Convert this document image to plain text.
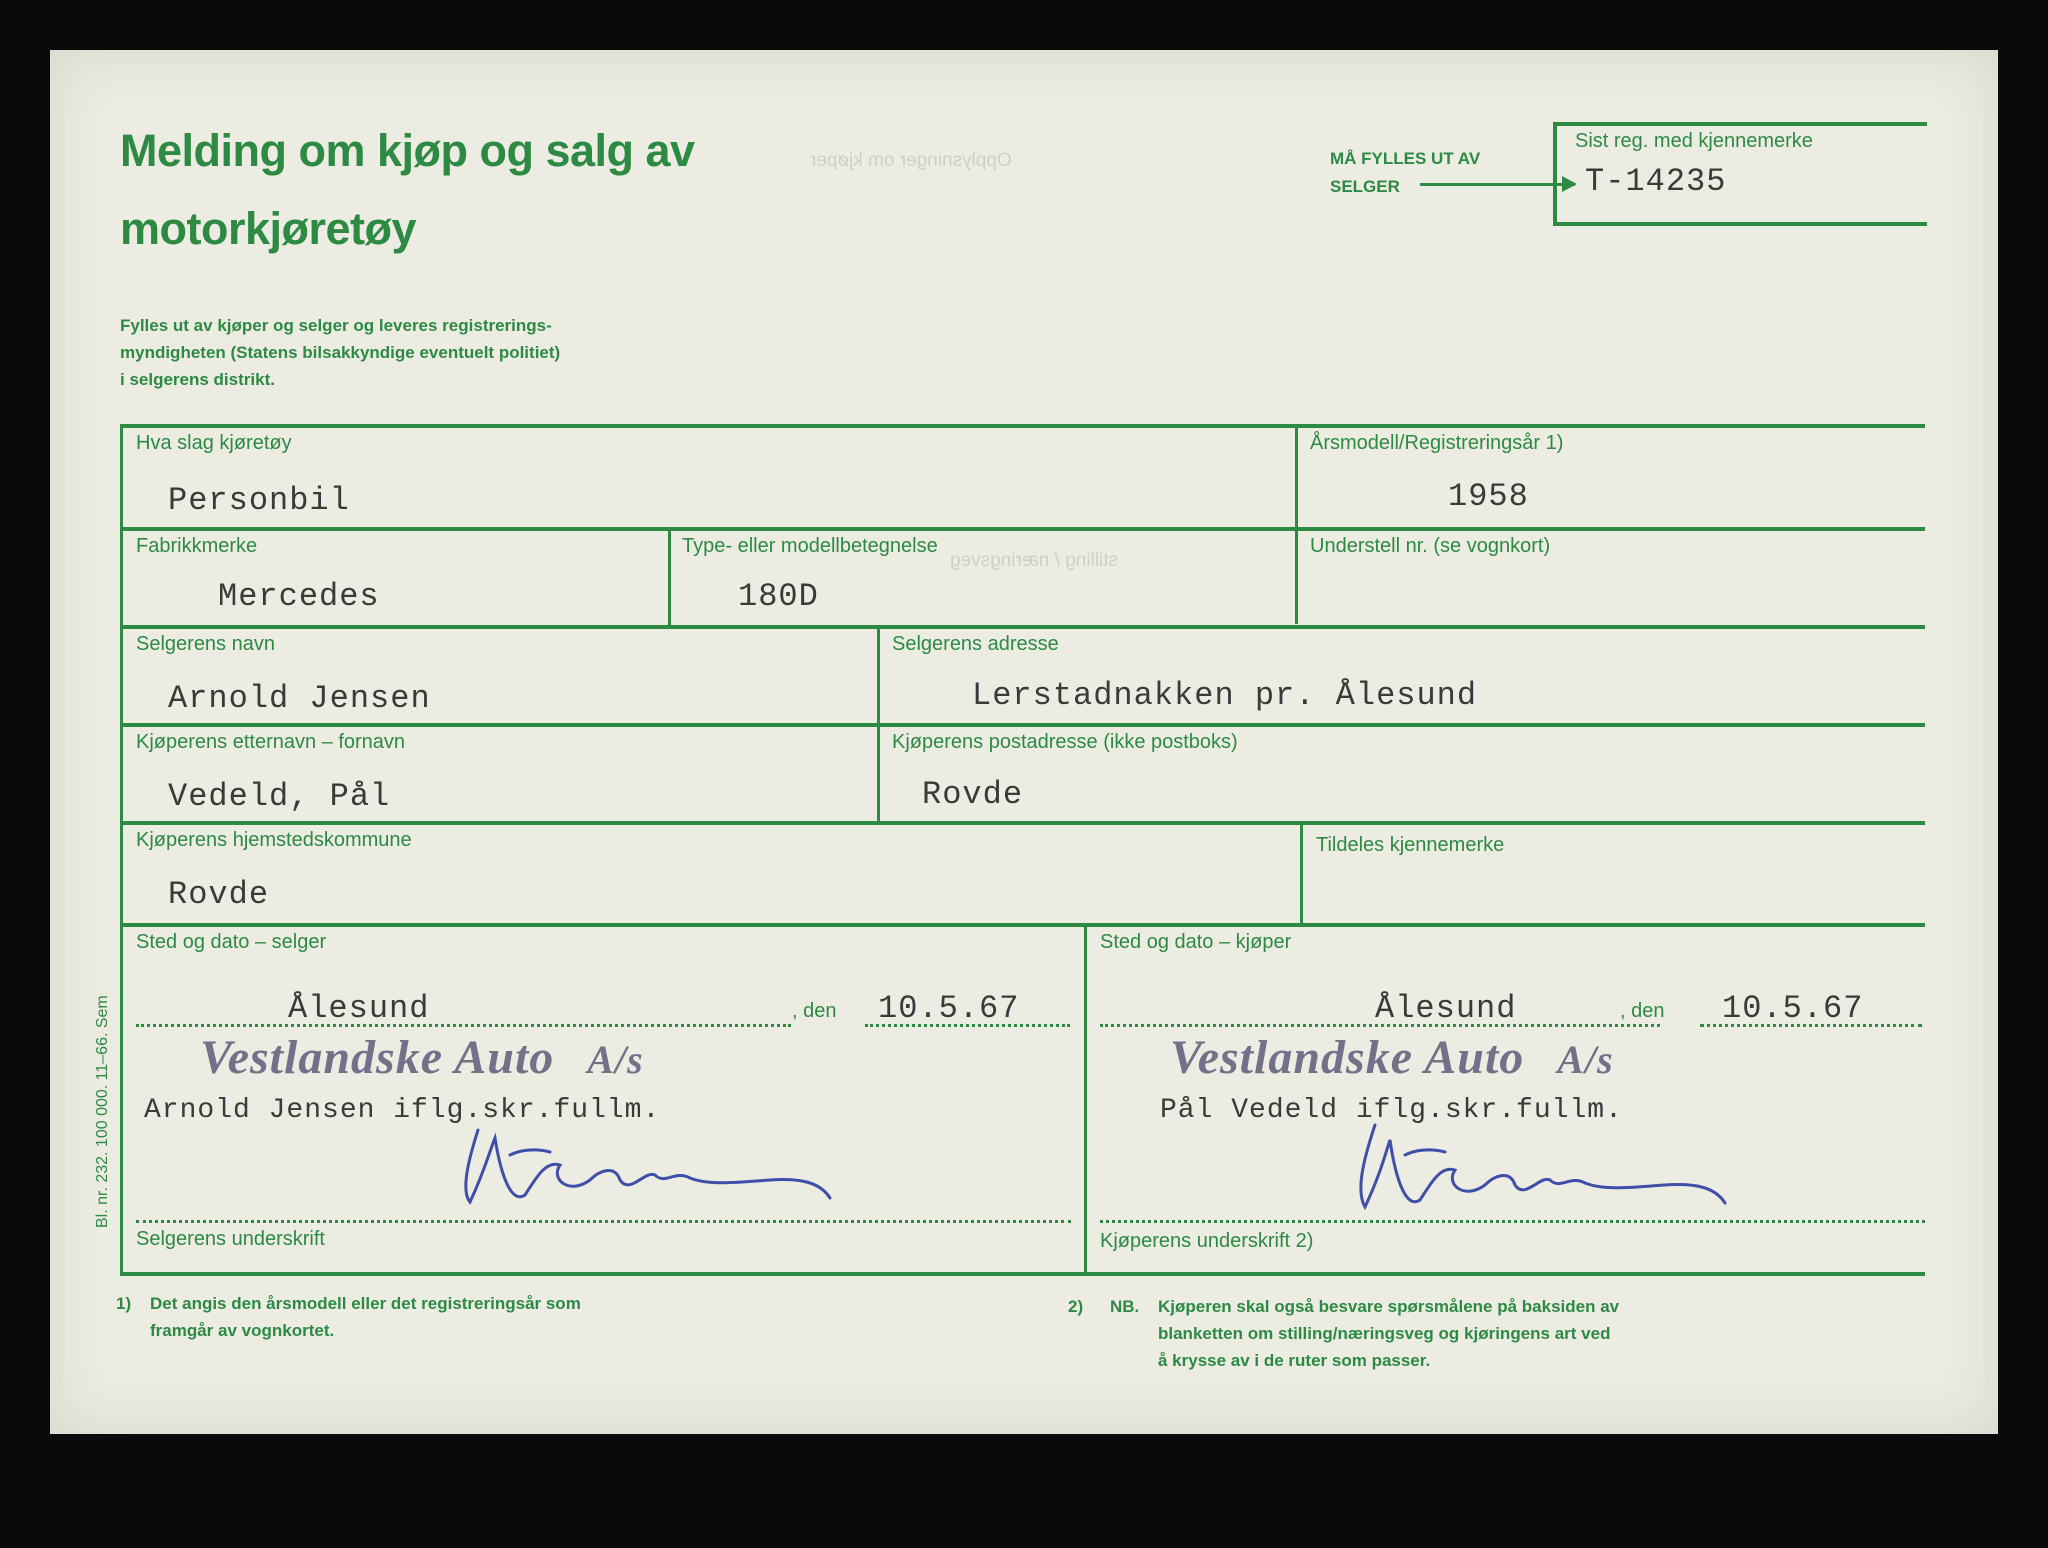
Melding om kjøp og salg av
motorkjøretøy
Fylles ut av kjøper og selger og leveres registrerings-
myndigheten (Statens bilsakkyndige eventuelt politiet)
i selgerens distrikt.
Opplysninger om kjøper
stilling / næringsveg
MÅ FYLLES UT AV
SELGER
Sist reg. med kjennemerke
T-14235
Hva slag kjøretøy
Personbil
Årsmodell/Registreringsår 1)
1958
Fabrikkmerke
Mercedes
Type- eller modellbetegnelse
180D
Understell nr. (se vognkort)
Selgerens navn
Arnold Jensen
Selgerens adresse
Lerstadnakken pr. Ålesund
Kjøperens etternavn – fornavn
Vedeld, Pål
Kjøperens postadresse (ikke postboks)
Rovde
Kjøperens hjemstedskommune
Rovde
Tildeles kjennemerke
Sted og dato – selger
Ålesund	, den 10.5.67
Vestlandske Auto A/s
Arnold Jensen iflg.skr.fullm.
Selgerens underskrift
Sted og dato – kjøper
Ålesund	, den 10.5.67
Vestlandske Auto A/s
Pål Vedeld iflg.skr.fullm.
Kjøperens underskrift 2)
Bl. nr. 232. 100 000. 11–66. Sem
1) Det angis den årsmodell eller det registreringsår som
framgår av vognkortet.
2) NB. Kjøperen skal også besvare spørsmålene på baksiden av
blanketten om stilling/næringsveg og kjøringens art ved
å krysse av i de ruter som passer.
